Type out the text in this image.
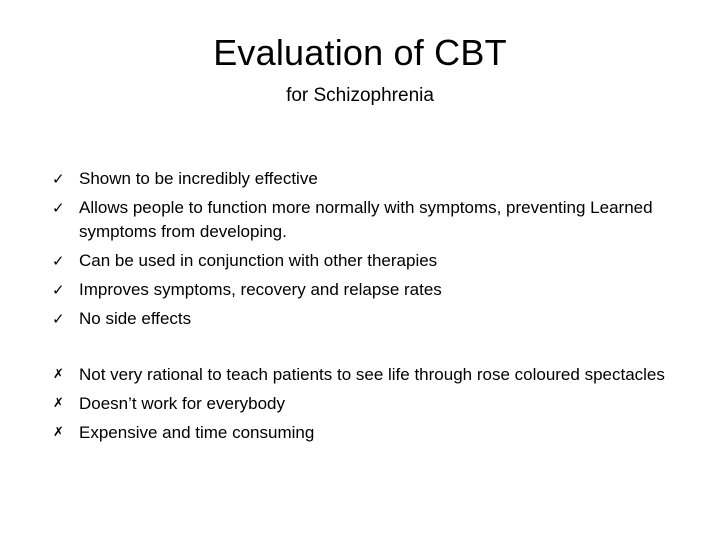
Evaluation of CBT
for Schizophrenia
✓ Shown to be incredibly effective
✓ Allows people to function more normally with symptoms, preventing Learned symptoms from developing.
✓ Can be used in conjunction with other therapies
✓ Improves symptoms, recovery and relapse rates
✓ No side effects
✗ Not very rational to teach patients to see life through rose coloured spectacles
✗ Doesn’t work for everybody
✗ Expensive and time consuming
